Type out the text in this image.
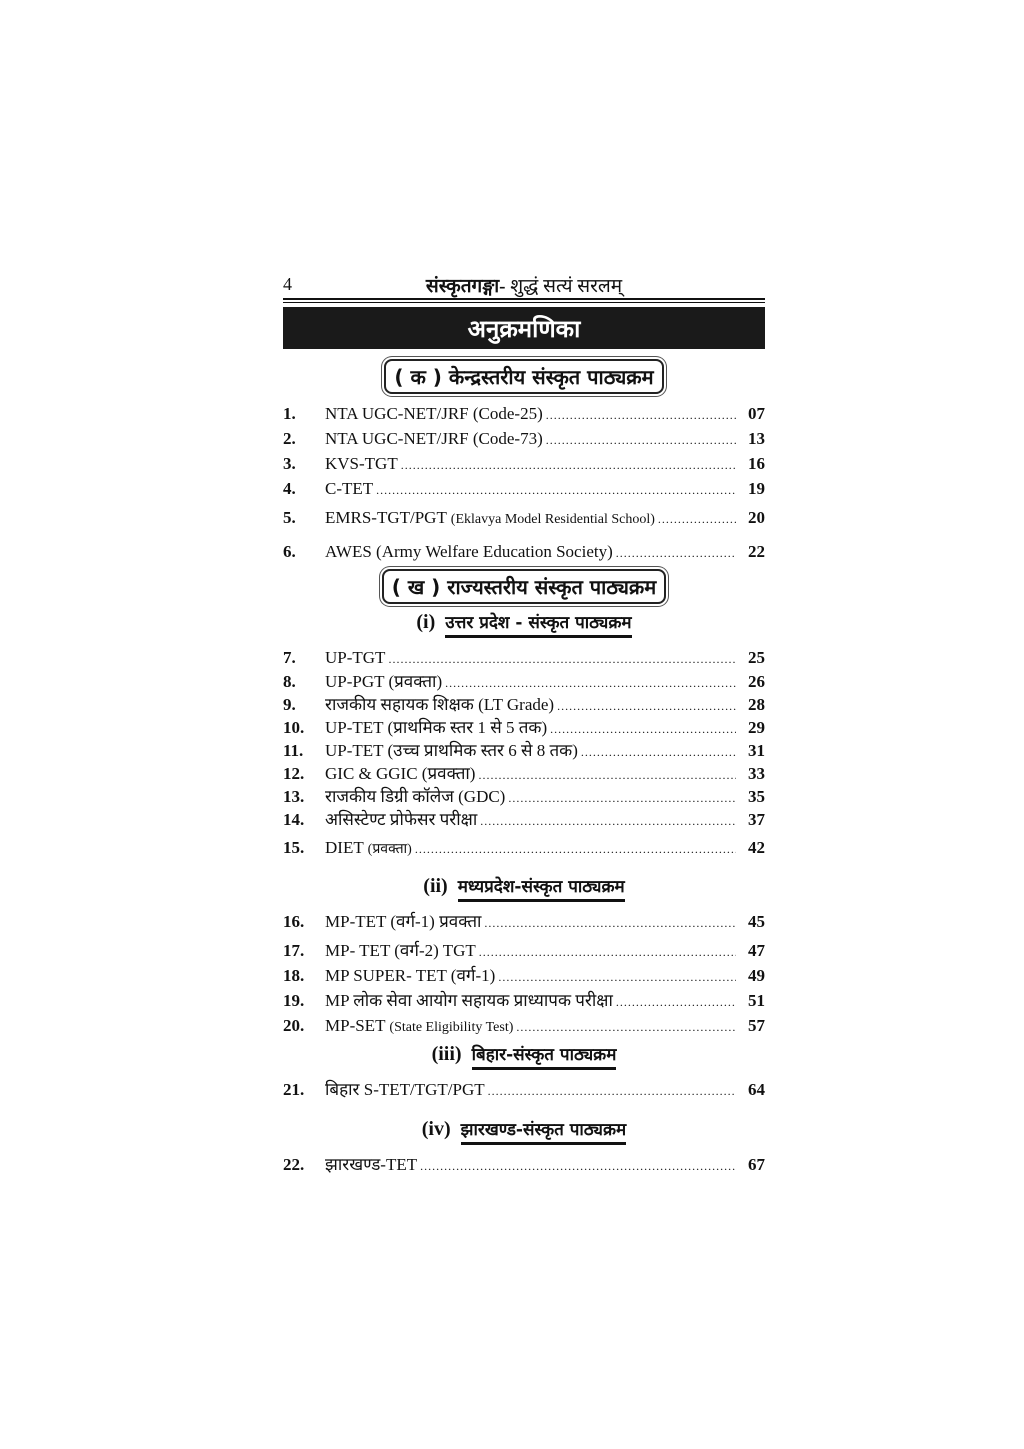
4	संस्कृतगङ्गा- शुद्धं सत्यं सरलम्
अनुक्रमणिका
( क ) केन्द्रस्तरीय संस्कृत पाठ्यक्रम
1.	NTA UGC-NET/JRF (Code-25) .....	07
2.	NTA UGC-NET/JRF (Code-73) .....	13
3.	KVS-TGT .....	16
4.	C-TET .....	19
5.	EMRS-TGT/PGT (Eklavya Model Residential School) .....	20
6.	AWES (Army Welfare Education Society) .....	22
( ख ) राज्यस्तरीय संस्कृत पाठ्यक्रम
(i) उत्तर प्रदेश - संस्कृत पाठ्यक्रम
7.	UP-TGT .....	25
8.	UP-PGT (प्रवक्ता) .....	26
9.	राजकीय सहायक शिक्षक (LT Grade) .....	28
10.	UP-TET (प्राथमिक स्तर 1 से 5 तक) .....	29
11.	UP-TET (उच्च प्राथमिक स्तर 6 से 8 तक) .....	31
12.	GIC & GGIC (प्रवक्ता) .....	33
13.	राजकीय डिग्री कॉलेज (GDC) .....	35
14.	असिस्टेण्ट प्रोफेसर परीक्षा .....	37
15.	DIET (प्रवक्ता) .....	42
(ii) मध्यप्रदेश-संस्कृत पाठ्यक्रम
16.	MP-TET (वर्ग-1) प्रवक्ता .....	45
17.	MP- TET (वर्ग-2) TGT .....	47
18.	MP SUPER- TET (वर्ग-1) .....	49
19.	MP लोक सेवा आयोग सहायक प्राध्यापक परीक्षा .....	51
20.	MP-SET (State Eligibility Test) .....	57
(iii) बिहार-संस्कृत पाठ्यक्रम
21.	बिहार S-TET/TGT/PGT .....	64
(iv) झारखण्ड-संस्कृत पाठ्यक्रम
22.	झारखण्ड-TET .....	67
